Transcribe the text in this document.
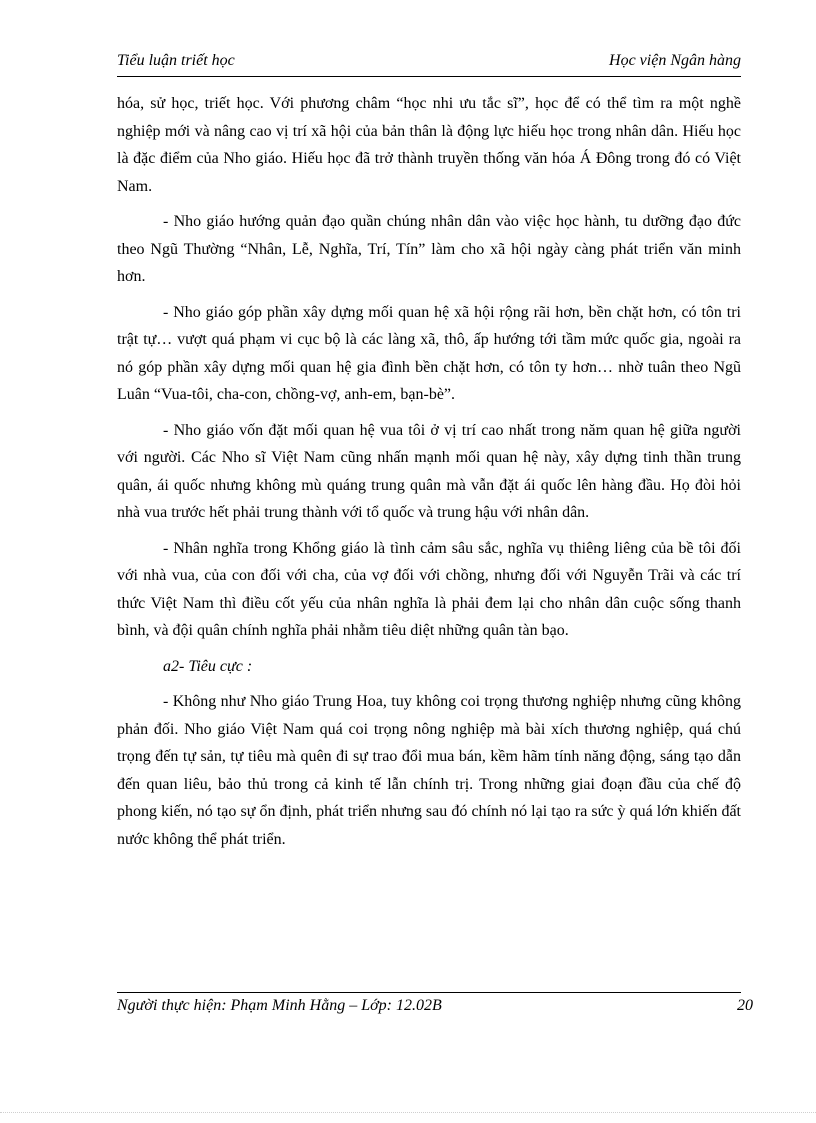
Tiểu luận triết học	Học viện Ngân hàng

hóa, sử học, triết học. Với phương châm “học nhi ưu tắc sĩ”, học để có thể tìm ra một nghề nghiệp mới và nâng cao vị trí xã hội của bản thân là động lực hiếu học trong nhân dân. Hiếu học là đặc điểm của Nho giáo. Hiếu học đã trở thành truyền thống văn hóa Á Đông trong đó có Việt Nam.

- Nho giáo hướng quản đạo quần chúng nhân dân vào việc học hành, tu dưỡng đạo đức theo Ngũ Thường “Nhân, Lễ, Nghĩa, Trí, Tín” làm cho xã hội ngày càng phát triển văn minh hơn.

- Nho giáo góp phần xây dựng mối quan hệ xã hội rộng rãi hơn, bền chặt hơn, có tôn tri trật tự… vượt quá phạm vi cục bộ là các làng xã, thô, ấp hướng tới tầm mức quốc gia, ngoài ra nó góp phần xây dựng mối quan hệ gia đình bền chặt hơn, có tôn ty hơn… nhờ tuân theo Ngũ Luân “Vua-tôi, cha-con, chồng-vợ, anh-em, bạn-bè”.

- Nho giáo vốn đặt mối quan hệ vua tôi ở vị trí cao nhất trong năm quan hệ giữa người với người. Các Nho sĩ Việt Nam cũng nhấn mạnh mối quan hệ này, xây dựng tinh thần trung quân, ái quốc nhưng không mù quáng trung quân mà vẫn đặt ái quốc lên hàng đầu. Họ đòi hỏi nhà vua trước hết phải trung thành với tổ quốc và trung hậu với nhân dân.

- Nhân nghĩa trong Khổng giáo là tình cảm sâu sắc, nghĩa vụ thiêng liêng của bề tôi đối với nhà vua, của con đối với cha, của vợ đối với chồng, nhưng đối với Nguyễn Trãi và các trí thức Việt Nam thì điều cốt yếu của nhân nghĩa là phải đem lại cho nhân dân cuộc sống thanh bình, và đội quân chính nghĩa phải nhằm tiêu diệt những quân tàn bạo.

a2- Tiêu cực :

- Không như Nho giáo Trung Hoa, tuy không coi trọng thương nghiệp nhưng cũng không phản đối. Nho giáo Việt Nam quá coi trọng nông nghiệp mà bài xích thương nghiệp, quá chú trọng đến tự sản, tự tiêu mà quên đi sự trao đổi mua bán, kềm hãm tính năng động, sáng tạo dẫn đến quan liêu, bảo thủ trong cả kinh tế lẫn chính trị. Trong những giai đoạn đầu của chế độ phong kiến, nó tạo sự ổn định, phát triển nhưng sau đó chính nó lại tạo ra sức ỳ quá lớn khiến đất nước không thể phát triển.

Người thực hiện: Phạm Minh Hằng – Lớp: 12.02B	20
